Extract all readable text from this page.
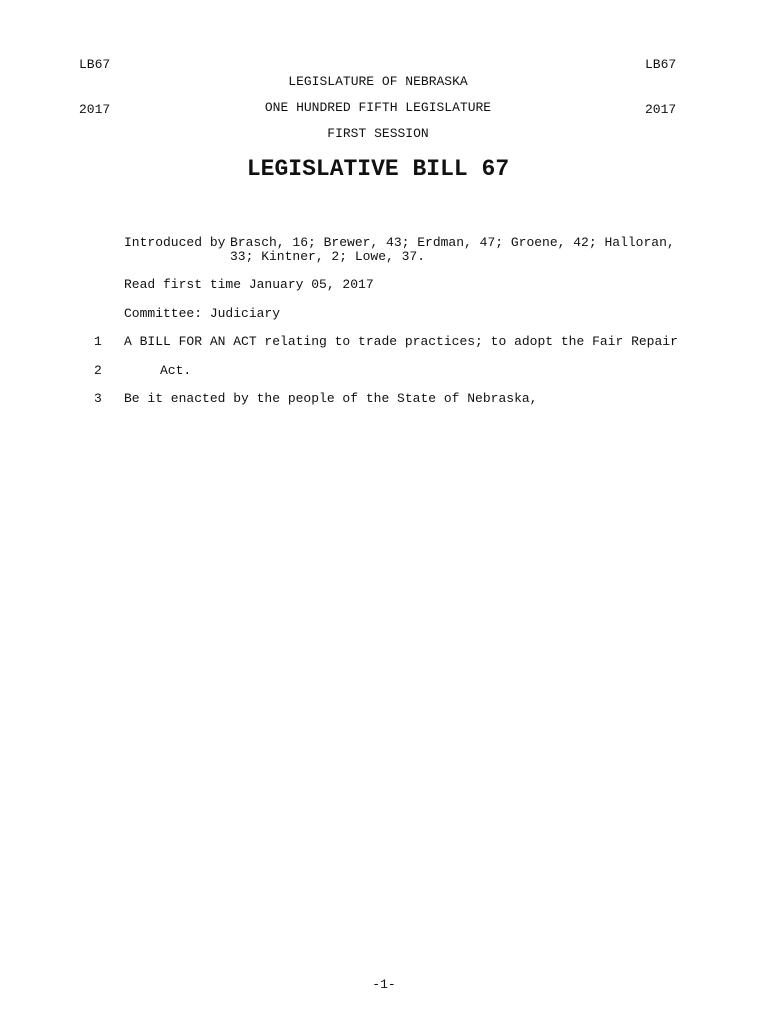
LB67

2017

LB67

2017

LEGISLATURE OF NEBRASKA
ONE HUNDRED FIFTH LEGISLATURE
FIRST SESSION
LEGISLATIVE BILL 67
Introduced by Brasch, 16; Brewer, 43; Erdman, 47; Groene, 42; Halloran,
33; Kintner, 2; Lowe, 37.
Read first time January 05, 2017
Committee: Judiciary
1 A BILL FOR AN ACT relating to trade practices; to adopt the Fair Repair
2	Act.
3 Be it enacted by the people of the State of Nebraska,
-1-
